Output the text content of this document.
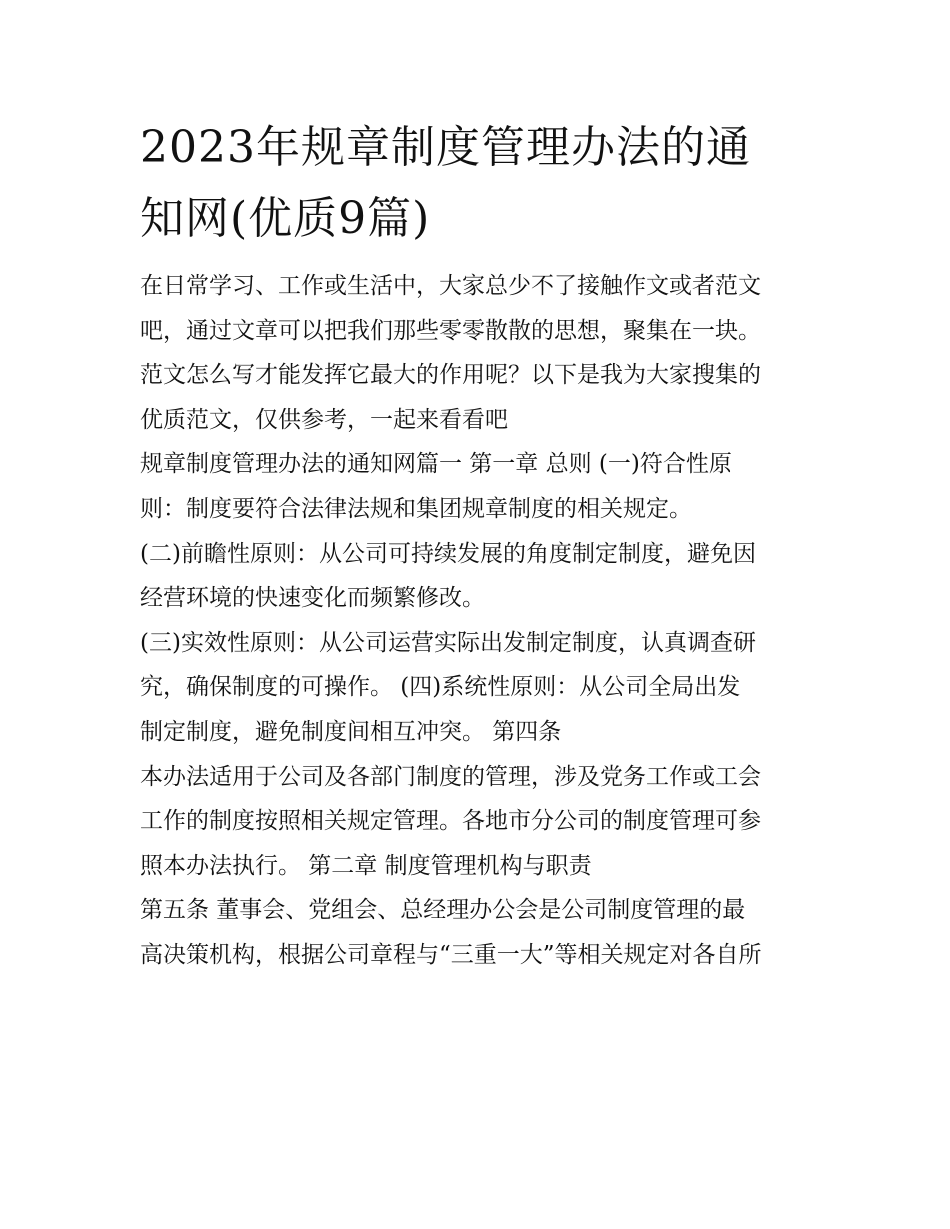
2023年规章制度管理办法的通
知网(优质9篇)

在日常学习、工作或生活中，大家总少不了接触作文或者范文
吧，通过文章可以把我们那些零零散散的思想，聚集在一块。
范文怎么写才能发挥它最大的作用呢？以下是我为大家搜集的
优质范文，仅供参考，一起来看看吧

规章制度管理办法的通知网篇一 第一章 总则 (一)符合性原
则：制度要符合法律法规和集团规章制度的相关规定。

(二)前瞻性原则：从公司可持续发展的角度制定制度，避免因
经营环境的快速变化而频繁修改。

(三)实效性原则：从公司运营实际出发制定制度，认真调查研
究，确保制度的可操作。 (四)系统性原则：从公司全局出发
制定制度，避免制度间相互冲突。 第四条

本办法适用于公司及各部门制度的管理，涉及党务工作或工会
工作的制度按照相关规定管理。各地市分公司的制度管理可参
照本办法执行。 第二章 制度管理机构与职责

第五条 董事会、党组会、总经理办公会是公司制度管理的最
高决策机构，根据公司章程与“三重一大”等相关规定对各自所
